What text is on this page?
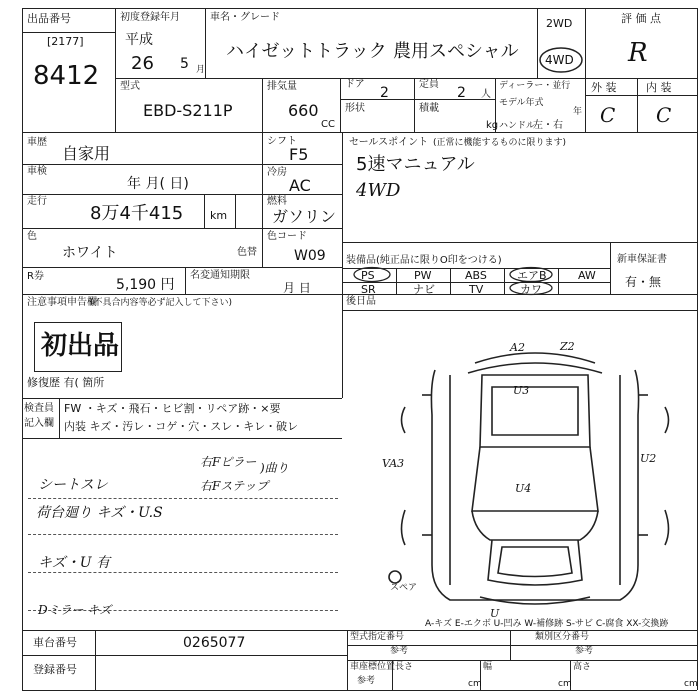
出品番号
[2177]
8412
初度登録年月
平成
26 5 月
車名・グレード
ハイゼットトラック 農用スペシャル
2WD
4WD
評 価 点
R
外 装	内 装
C C
型式
EBD-S211P
排気量
660
CC
ドア
2
定員
2 人
形状	積載
kg
ディーラー・並行
モデル年式
年
ハンドル
左・右
車歴
自家用
シフト
F5
車検
年 月( 日)
冷房
AC
走行
8万4千415 km
燃料
ガソリン
色
ホワイト
色コード
色替	W09
R券
5,190 円
名変通知期限
月 日
注意事項申告欄
(不具合内容等必ず記入して下さい)
初出品
修復歴 有( 箇所
検査員
記入欄
FW ・キズ・飛石・ヒビ割・リペア跡・×要
内装 キズ・汚レ・コゲ・穴・スレ・キレ・破レ
右Fピラー
右Fステップ
)曲り
シートスレ
荷台廻り キズ・U.S
キズ・U 有
Dミラー キズ
セールスポイント (正常に機能するものに限ります)
5速マニュアル
4WD
装備品(純正品に限りO印をつける)
PS	PW	ABS	エアB	AW
SR	ナビ	TV	カワ
新車保証書
有・無
後日品
A2	Z2
U3
VA3	U2
U4
U
スペア
A-キズ E-エクボ U-凹み W-補修跡 S-サビ C-腐食 XX-交換跡
車台番号	0265077
登録番号
型式指定番号
参考
類別区分番号
参考
車座標位置
参考
長さ	幅	高さ
cm	cm	cm
